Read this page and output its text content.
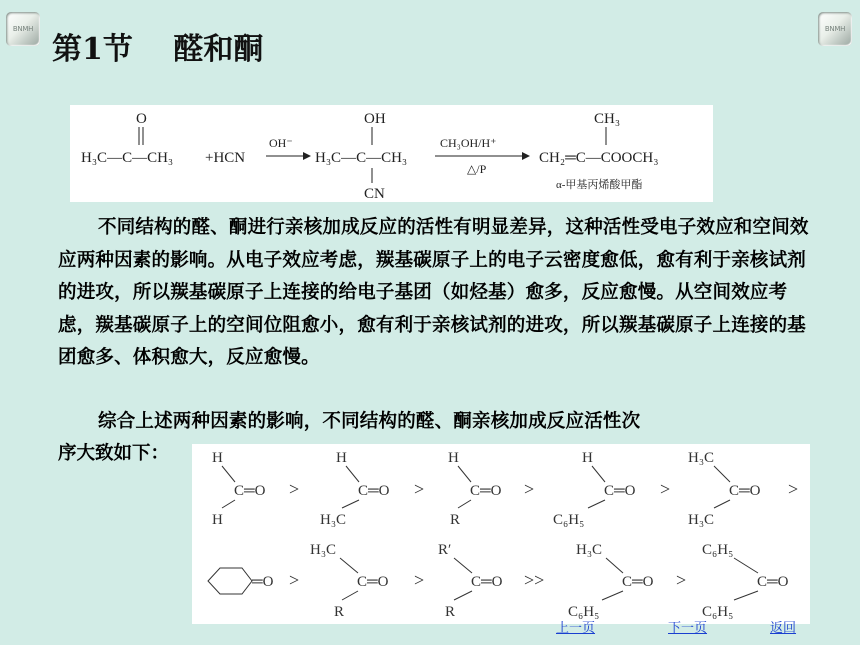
BNMH	BNMH
第1节　 醛和酮
O
H₃C—C—CH₃ +HCN
OH⁻
OH
H₃C—C—CH₃
CN
CH₃OH/H⁺
△/P
CH₃
CH₂═C—COOCH₃
α-甲基丙烯酸甲酯

不同结构的醛、酮进行亲核加成反应的活性有明显差异，这种活性受电子效应和空间效应两种因素的影响。从电子效应考虑，羰基碳原子上的电子云密度愈低，愈有利于亲核试剂的进攻，所以羰基碳原子上连接的给电子基团（如烃基）愈多，反应愈慢。从空间效应考虑，羰基碳原子上的空间位阻愈小，愈有利于亲核试剂的进攻，所以羰基碳原子上连接的基团愈多、体积愈大，反应愈慢。

综合上述两种因素的影响，不同结构的醛、酮亲核加成反应活性次

序大致如下：	H
C═O
H
>
H
C═O
H₃C
>
H
C═O
R
>
H
C═O
C₆H₅
>
H₃C
C═O
H₃C
>
═O >
H₃C
C═O
R
>
R′
C═O
R
>>
H₃C
C═O
C₆H₅
>
C₆H₅
C═O
C₆H₅
上一页	下一页	返回
